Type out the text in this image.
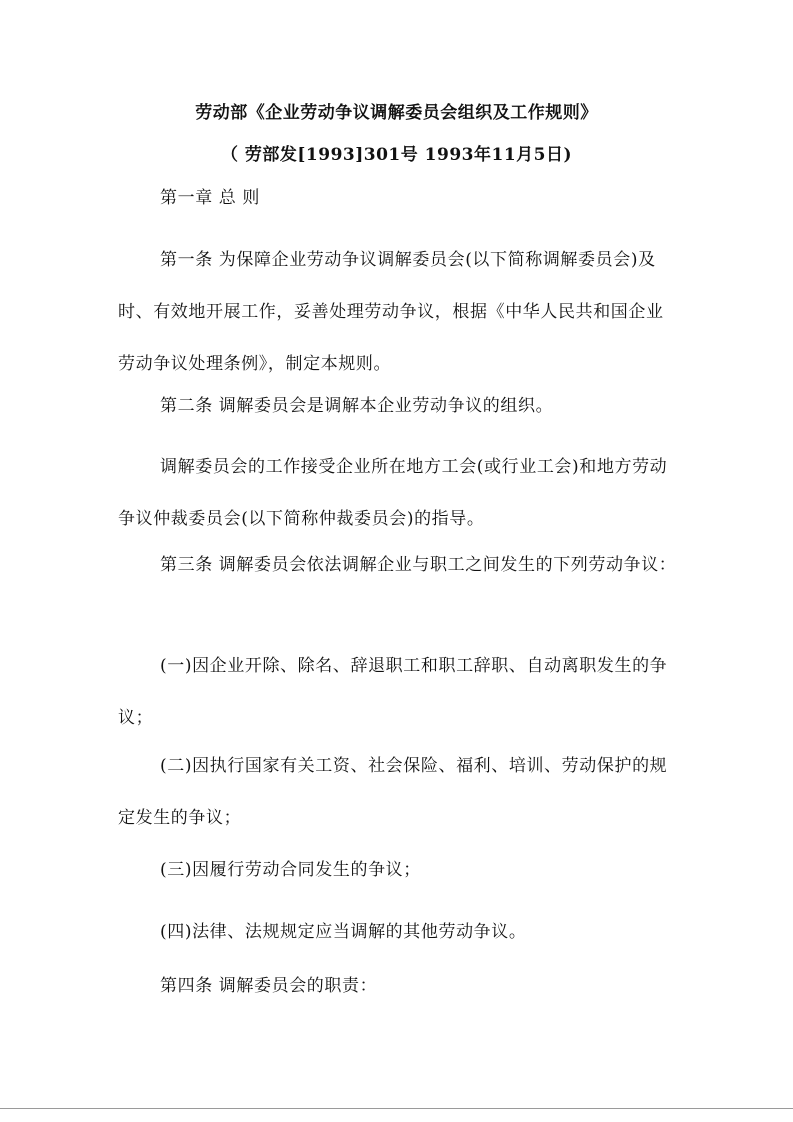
劳动部《企业劳动争议调解委员会组织及工作规则》
（ 劳部发[1993]301号 1993年11月5日)

第一章 总 则

第一条 为保障企业劳动争议调解委员会(以下简称调解委员会)及时、有效地开展工作，妥善处理劳动争议，根据《中华人民共和国企业劳动争议处理条例》，制定本规则。

第二条 调解委员会是调解本企业劳动争议的组织。

调解委员会的工作接受企业所在地方工会(或行业工会)和地方劳动争议仲裁委员会(以下简称仲裁委员会)的指导。

第三条 调解委员会依法调解企业与职工之间发生的下列劳动争议：

(一)因企业开除、除名、辞退职工和职工辞职、自动离职发生的争议；

(二)因执行国家有关工资、社会保险、福利、培训、劳动保护的规定发生的争议；

(三)因履行劳动合同发生的争议；

(四)法律、法规规定应当调解的其他劳动争议。

第四条 调解委员会的职责：
